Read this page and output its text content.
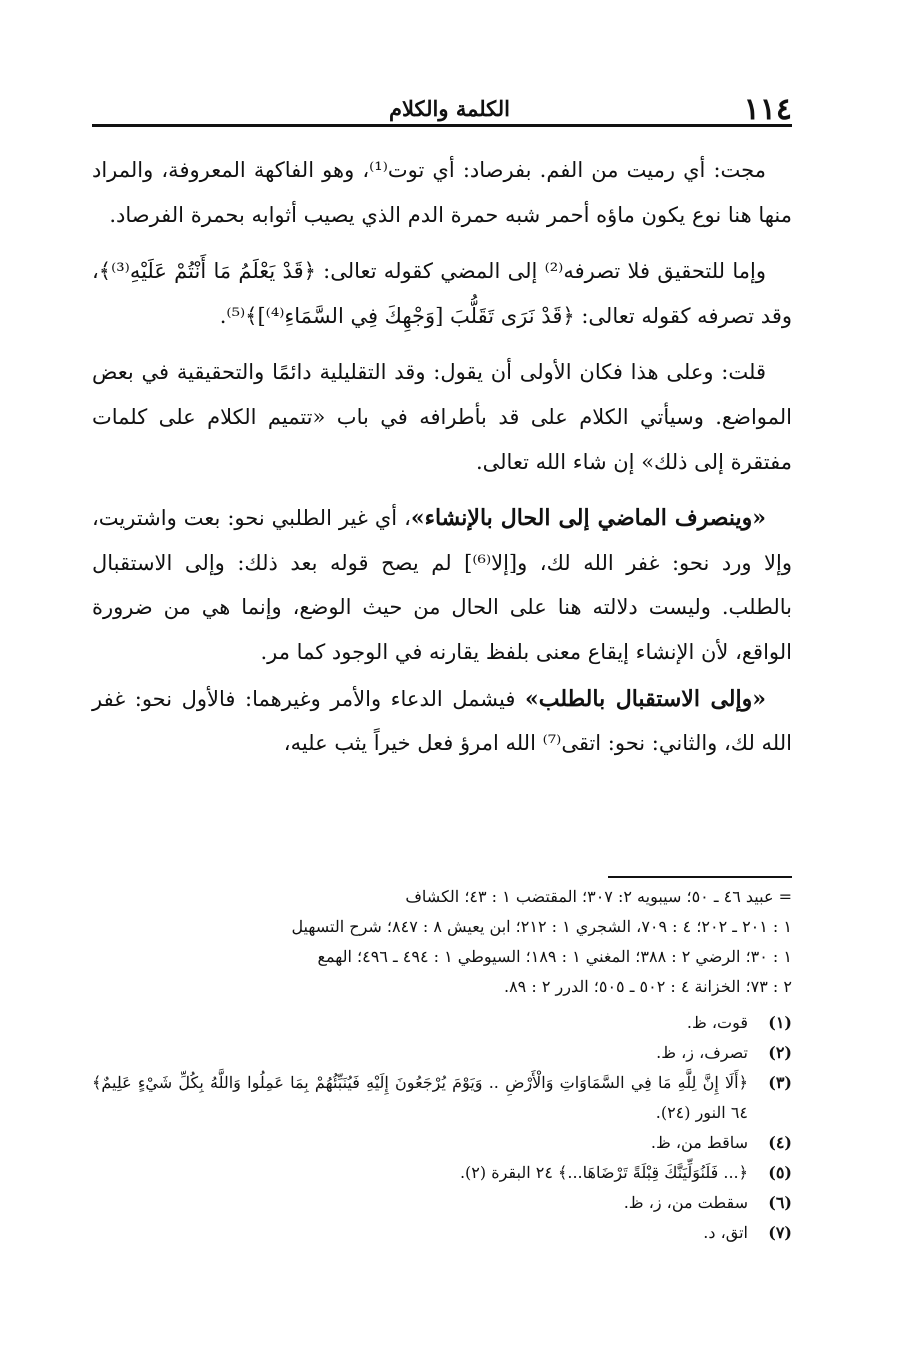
١١٤
الكلمة والكلام

مجت: أي رميت من الفم. بفرصاد: أي توت⁽¹⁾، وهو الفاكهة المعروفة، والمراد منها هنا نوع يكون ماؤه أحمر شبه حمرة الدم الذي يصيب أثوابه بحمرة الفرصاد.

وإما للتحقيق فلا تصرفه⁽²⁾ إلى المضي كقوله تعالى: ﴿قَدْ يَعْلَمُ مَا أَنْتُمْ عَلَيْهِ⁽³⁾﴾، وقد تصرفه كقوله تعالى: ﴿قَدْ نَرَى تَقَلُّبَ [وَجْهِكَ فِي السَّمَاءِ⁽⁴⁾]﴾⁽⁵⁾.

قلت: وعلى هذا فكان الأولى أن يقول: وقد التقليلية دائمًا والتحقيقية في بعض المواضع. وسيأتي الكلام على قد بأطرافه في باب «تتميم الكلام على كلمات مفتقرة إلى ذلك» إن شاء الله تعالى.

«وينصرف الماضي إلى الحال بالإنشاء»، أي غير الطلبي نحو: بعت واشتريت، وإلا ورد نحو: غفر الله لك، و[إلا⁽⁶⁾] لم يصح قوله بعد ذلك: وإلى الاستقبال بالطلب. وليست دلالته هنا على الحال من حيث الوضع، وإنما هي من ضرورة الواقع، لأن الإنشاء إيقاع معنى بلفظ يقارنه في الوجود كما مر.

«وإلى الاستقبال بالطلب» فيشمل الدعاء والأمر وغيرهما: فالأول نحو: غفر الله لك، والثاني: نحو: اتقى⁽⁷⁾ الله امرؤ فعل خيراً يثب عليه،

= عبيد ٤٦ ـ ٥٠؛ سيبويه ٢: ٣٠٧؛ المقتضب ١ : ٤٣؛ الكشاف
١ : ٢٠١ ـ ٢٠٢؛ ٤ : ٧٠٩، الشجري ١ : ٢١٢؛ ابن يعيش ٨ : ٨٤٧؛ شرح التسهيل
١ : ٣٠؛ الرضي ٢ : ٣٨٨؛ المغني ١ : ١٨٩؛ السيوطي ١ : ٤٩٤ ـ ٤٩٦؛ الهمع
٢ : ٧٣؛ الخزانة ٤ : ٥٠٢ ـ ٥٠٥؛ الدرر ٢ : ٨٩.
(١)
قوت، ظ.
(٢)
تصرف، ز، ظ.
(٣)
﴿أَلَا إِنَّ لِلَّهِ مَا فِي السَّمَاوَاتِ وَالْأَرْضِ .. وَيَوْمَ يُرْجَعُونَ إِلَيْهِ فَيُنَبِّئُهُمْ بِمَا عَمِلُوا وَاللَّهُ بِكُلِّ شَيْءٍ عَلِيمٌ﴾ ٦٤ النور (٢٤).
(٤)
ساقط من، ظ.
(٥)
﴿... فَلَنُوَلِّيَنَّكَ قِبْلَةً تَرْضَاهَا...﴾ ٢٤ البقرة (٢).
(٦)
سقطت من، ز، ظ.
(٧)
اتق، د.
